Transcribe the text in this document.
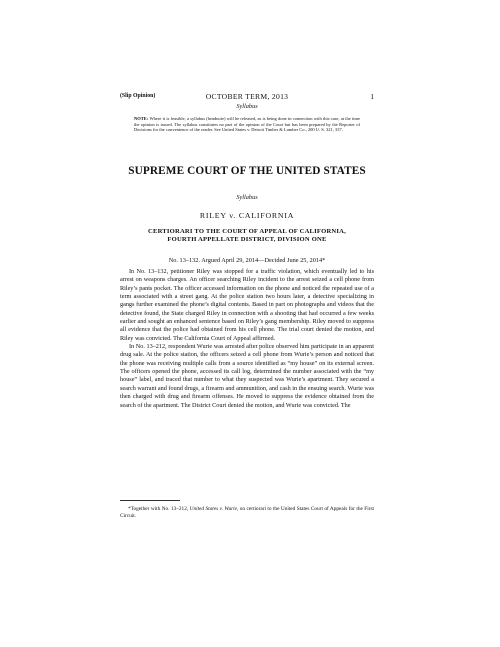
(Slip Opinion)	OCTOBER TERM, 2013	1
Syllabus
NOTE: Where it is feasible, a syllabus (headnote) will be released, as is being done in connection with this case, at the time the opinion is issued. The syllabus constitutes no part of the opinion of the Court but has been prepared by the Reporter of Decisions for the convenience of the reader. See United States v. Detroit Timber & Lumber Co., 200 U. S. 321, 337.
SUPREME COURT OF THE UNITED STATES
Syllabus
RILEY v. CALIFORNIA
CERTIORARI TO THE COURT OF APPEAL OF CALIFORNIA,
FOURTH APPELLATE DISTRICT, DIVISION ONE
No. 13–132. Argued April 29, 2014—Decided June 25, 2014*

In No. 13–132, petitioner Riley was stopped for a traffic violation, which eventually led to his arrest on weapons charges. An officer searching Riley incident to the arrest seized a cell phone from Riley’s pants pocket. The officer accessed information on the phone and noticed the repeated use of a term associated with a street gang. At the police station two hours later, a detective specializing in gangs further examined the phone’s digital contents. Based in part on photographs and videos that the detective found, the State charged Riley in connection with a shooting that had occurred a few weeks earlier and sought an enhanced sentence based on Riley’s gang membership. Riley moved to suppress all evidence that the police had obtained from his cell phone. The trial court denied the motion, and Riley was convicted. The California Court of Appeal affirmed.

In No. 13–212, respondent Wurie was arrested after police observed him participate in an apparent drug sale. At the police station, the officers seized a cell phone from Wurie’s person and noticed that the phone was receiving multiple calls from a source identified as “my house” on its external screen. The officers opened the phone, accessed its call log, determined the number associated with the “my house” label, and traced that number to what they suspected was Wurie’s apartment. They secured a search warrant and found drugs, a firearm and ammunition, and cash in the ensuing search. Wurie was then charged with drug and firearm offenses. He moved to suppress the evidence obtained from the search of the apartment. The District Court denied the motion, and Wurie was convicted. The

*Together with No. 13–212, United States v. Wurie, on certiorari to the United States Court of Appeals for the First Circuit.
